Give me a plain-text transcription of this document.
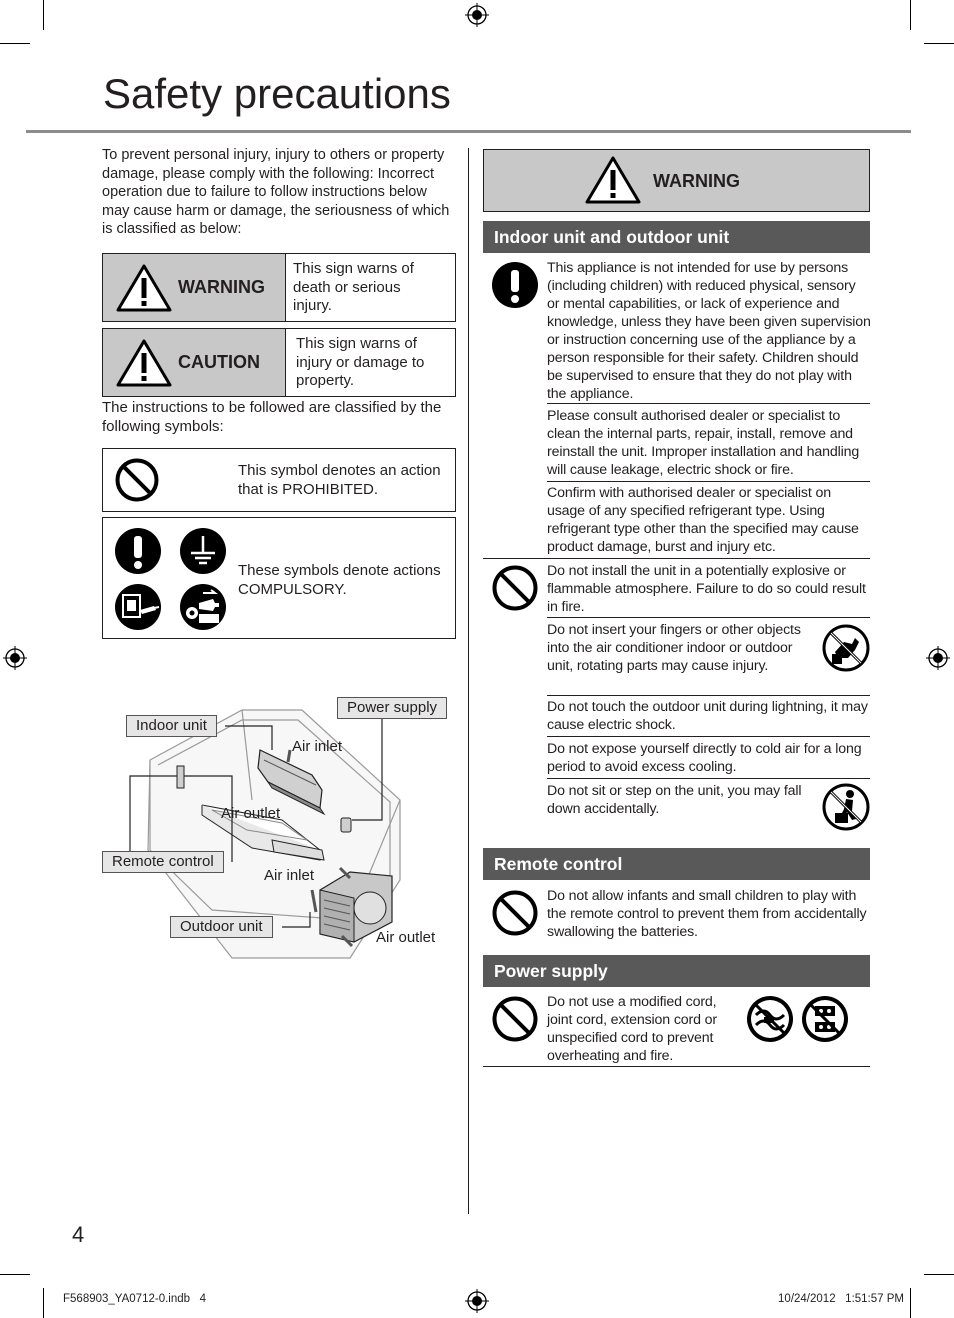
Safety precautions
To prevent personal injury, injury to others or property damage, please comply with the following: Incorrect operation due to failure to follow instructions below may cause harm or damage, the seriousness of which is classified as below:
WARNING
This sign warns of death or serious injury.
CAUTION
This sign warns of injury or damage to property.
The instructions to be followed are classified by the following symbols:
This symbol denotes an action that is PROHIBITED.
These symbols denote actions COMPULSORY.
Indoor unit
Power supply
Air inlet
Air outlet
Remote control
Air inlet
Outdoor unit
Air outlet
WARNING
Indoor unit and outdoor unit
This appliance is not intended for use by persons (including children) with reduced physical, sensory or mental capabilities, or lack of experience and knowledge, unless they have been given supervision or instruction concerning use of the appliance by a person responsible for their safety. Children should be supervised to ensure that they do not play with the appliance.
Please consult authorised dealer or specialist to clean the internal parts, repair, install, remove and reinstall the unit. Improper installation and handling will cause leakage, electric shock or fire.
Confirm with authorised dealer or specialist on usage of any specified refrigerant type. Using refrigerant type other than the specified may cause product damage, burst and injury etc.
Do not install the unit in a potentially explosive or flammable atmosphere. Failure to do so could result in fire.
Do not insert your fingers or other objects into the air conditioner indoor or outdoor unit, rotating parts may cause injury.
Do not touch the outdoor unit during lightning, it may cause electric shock.
Do not expose yourself directly to cold air for a long period to avoid excess cooling.
Do not sit or step on the unit, you may fall down accidentally.
Remote control
Do not allow infants and small children to play with the remote control to prevent them from accidentally swallowing the batteries.
Power supply
Do not use a modified cord, joint cord, extension cord or unspecified cord to prevent overheating and fire.
4
F568903_YA0712-0.indb   4	10/24/2012   1:51:57 PM
